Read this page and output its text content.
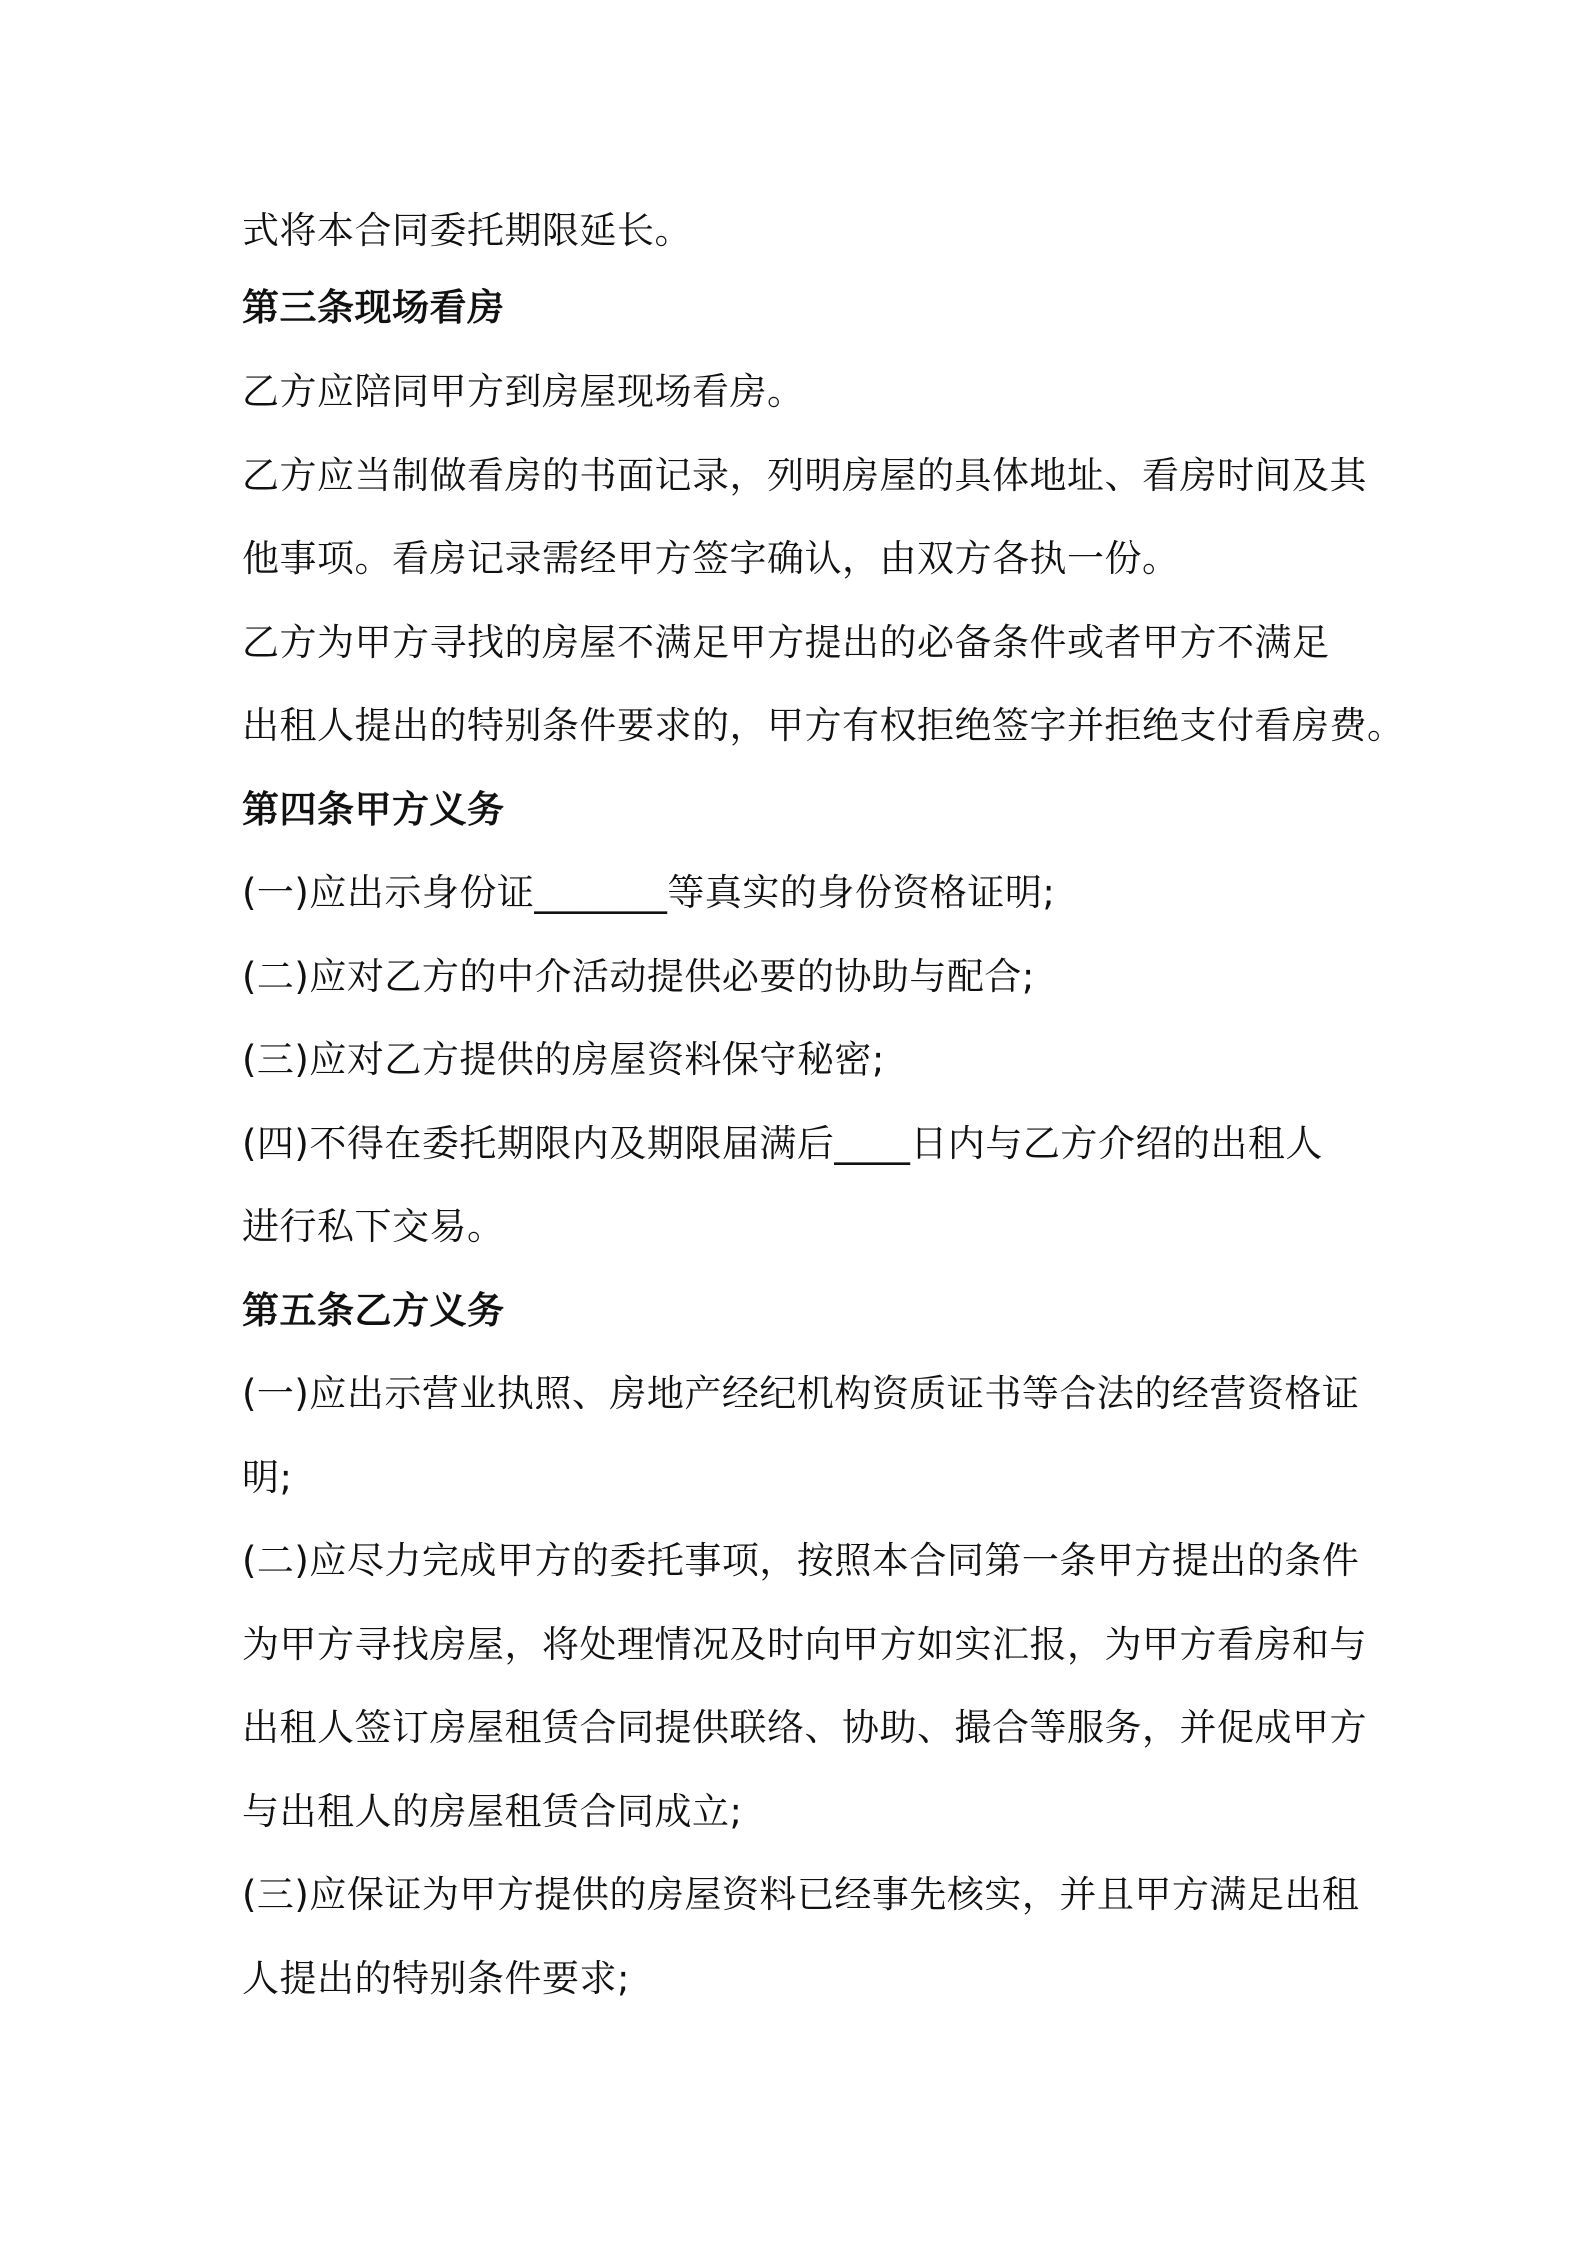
式将本合同委托期限延长。

第三条现场看房

乙方应陪同甲方到房屋现场看房。

乙方应当制做看房的书面记录，列明房屋的具体地址、看房时间及其

他事项。看房记录需经甲方签字确认，由双方各执一份。

乙方为甲方寻找的房屋不满足甲方提出的必备条件或者甲方不满足

出租人提出的特别条件要求的，甲方有权拒绝签字并拒绝支付看房费。

第四条甲方义务

(一)应出示身份证_______等真实的身份资格证明;

(二)应对乙方的中介活动提供必要的协助与配合;

(三)应对乙方提供的房屋资料保守秘密;

(四)不得在委托期限内及期限届满后____日内与乙方介绍的出租人

进行私下交易。

第五条乙方义务

(一)应出示营业执照、房地产经纪机构资质证书等合法的经营资格证

明;

(二)应尽力完成甲方的委托事项，按照本合同第一条甲方提出的条件

为甲方寻找房屋，将处理情况及时向甲方如实汇报，为甲方看房和与

出租人签订房屋租赁合同提供联络、协助、撮合等服务，并促成甲方

与出租人的房屋租赁合同成立;

(三)应保证为甲方提供的房屋资料已经事先核实，并且甲方满足出租

人提出的特别条件要求;
